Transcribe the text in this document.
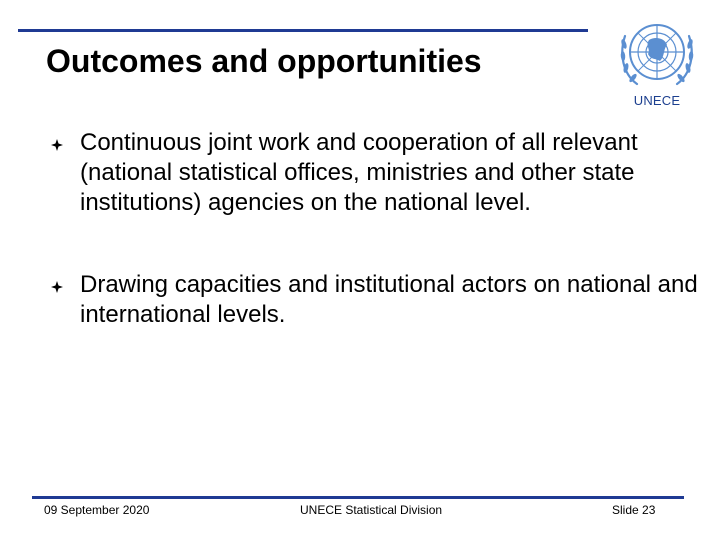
Outcomes and opportunities
UNECE
Continuous joint work and cooperation of all relevant (national statistical offices, ministries and other state institutions) agencies on the national level.
Drawing capacities and institutional actors on national and international levels.
09 September 2020	UNECE Statistical Division	Slide 23
